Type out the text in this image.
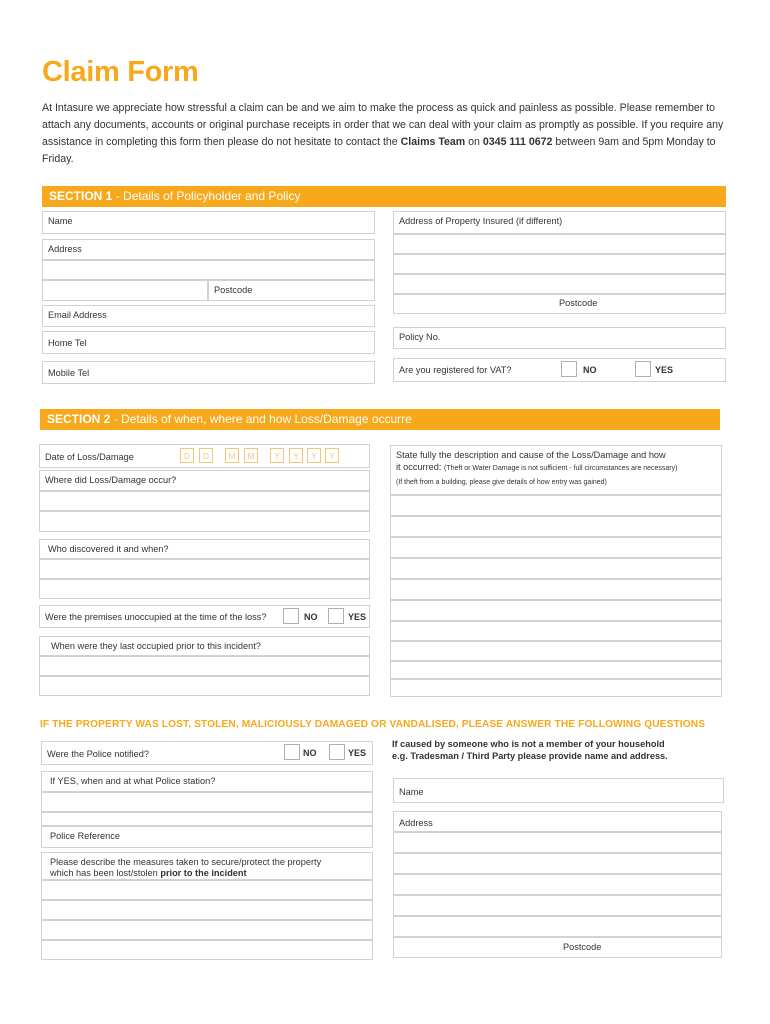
Claim Form
At Intasure we appreciate how stressful a claim can be and we aim to make the process as quick and painless as possible. Please remember to attach any documents, accounts or original purchase receipts in order that we can deal with your claim as promptly as possible. If you require any assistance in completing this form then please do not hesitate to contact the Claims Team on 0345 111 0672 between 9am and 5pm Monday to Friday.
SECTION 1 - Details of Policyholder and Policy
Name
Address
Postcode
Email Address
Home Tel
Mobile Tel
Address of Property Insured (if different)
Postcode
Policy No.
Are you registered for VAT?	NO	YES
SECTION 2 - Details of when, where and how Loss/Damage occurre
Date of Loss/Damage	D	D	M	M	Y	Y	Y	Y
Where did Loss/Damage occur?
Who discovered it and when?
Were the premises unoccupied at the time of the loss?	NO	YES
When were they last occupied prior to this incident?
State fully the description and cause of the Loss/Damage and how
it occurred: (Theft or Water Damage is not sufficient - full circumstances are necessary)
(If theft from a building, please give details of how entry was gained)
IF THE PROPERTY WAS LOST, STOLEN, MALICIOUSLY DAMAGED OR VANDALISED, PLEASE ANSWER THE FOLLOWING QUESTIONS
Were the Police notified?	NO	YES
If YES, when and at what Police station?
Police Reference
Please describe the measures taken to secure/protect the property
which has been lost/stolen prior to the incident
If caused by someone who is not a member of your household
e.g. Tradesman / Third Party please provide name and address.
Name
Address
Postcode
